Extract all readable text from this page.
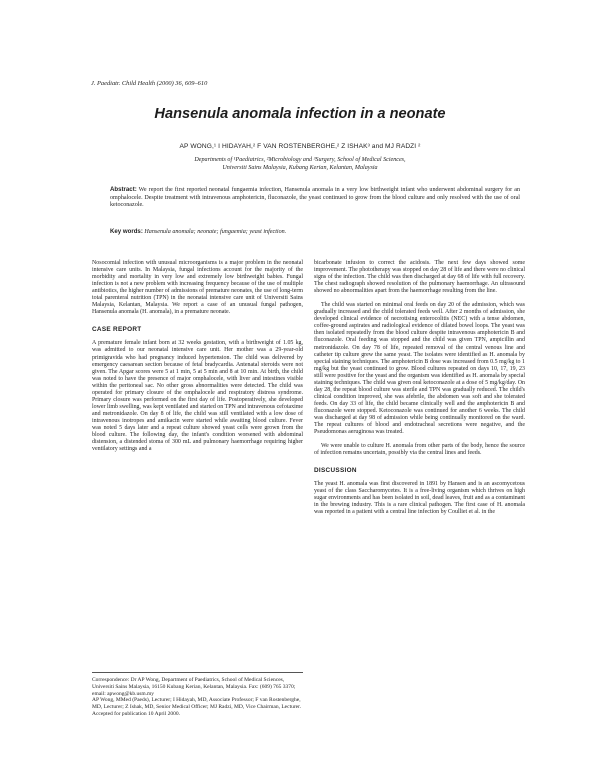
J. Paediatr. Child Health (2000) 36, 609–610
Hansenula anomala infection in a neonate
AP WONG,¹ I HIDAYAH,² F VAN ROSTENBERGHE,² Z ISHAK³ and MJ RADZI ²
Departments of ¹Paediatrics, ²Microbiology and ³Surgery, School of Medical Sciences,
Universiti Sains Malaysia, Kubang Kerian, Kelantan, Malaysia
Abstract: We report the first reported neonatal fungaemia infection, Hansenula anomala in a very low birthweight infant who underwent abdominal surgery for an omphalocele. Despite treatment with intravenous amphotericin, fluconazole, the yeast continued to grow from the blood culture and only resolved with the use of oral ketoconazole.
Key words: Hansenula anomala; neonate; fungaemia; yeast infection.

Nosocomial infection with unusual microorganisms is a major problem in the neonatal intensive care units. In Malaysia, fungal infections account for the majority of the morbidity and mortality in very low and extremely low birthweight babies. Fungal infection is not a new problem with increasing frequency because of the use of multiple antibiotics, the higher number of admissions of premature neonates, the use of long-term total parenteral nutrition (TPN) in the neonatal intensive care unit of Universiti Sains Malaysia, Kelantan, Malaysia. We report a case of an unusual fungal pathogen, Hansenula anomala (H. anomala), in a premature neonate.

CASE REPORT

A premature female infant born at 32 weeks gestation, with a birthweight of 1.05 kg, was admitted to our neonatal intensive care unit. Her mother was a 29-year-old primigravida who had pregnancy induced hypertension. The child was delivered by emergency caesarean section because of fetal bradycardia. Antenatal steroids were not given. The Apgar scores were 5 at 1 min, 5 at 5 min and 8 at 10 min. At birth, the child was noted to have the presence of major omphalocele, with liver and intestines visible within the peritoneal sac. No other gross abnormalities were detected. The child was operated for primary closure of the omphalocele and respiratory distress syndrome. Primary closure was performed on the first day of life. Postoperatively, she developed lower limb swelling, was kept ventilated and started on TPN and intravenous cefotaxime and metronidazole. On day 8 of life, the child was still ventilated with a low dose of intravenous inotropes and amikacin were started while awaiting blood culture. Fever was noted 5 days later and a repeat culture showed yeast cells were grown from the blood culture. The following day, the infant's condition worsened with abdominal distension, a distended stoma of 300 mL and pulmonary haemorrhage requiring higher ventilatory settings and a

bicarbonate infusion to correct the acidosis. The next few days showed some improvement. The phototherapy was stopped on day 28 of life and there were no clinical signs of the infection. The child was then discharged at day 68 of life with full recovery. The chest radiograph showed resolution of the pulmonary haemorrhage. An ultrasound showed no abnormalities apart from the haemorrhage resulting from the line.

The child was started on minimal oral feeds on day 20 of the admission, which was gradually increased and the child tolerated feeds well. After 2 months of admission, she developed clinical evidence of necrotising enterocolitis (NEC) with a tense abdomen, coffee-ground aspirates and radiological evidence of dilated bowel loops. The yeast was then isolated repeatedly from the blood culture despite intravenous amphotericin B and fluconazole. Oral feeding was stopped and the child was given TPN, ampicillin and metronidazole. On day 78 of life, repeated removal of the central venous line and catheter tip culture grew the same yeast. The isolates were identified as H. anomala by special staining techniques. The amphotericin B dose was increased from 0.5 mg/kg to 1 mg/kg but the yeast continued to grow. Blood cultures repeated on days 10, 17, 19, 23 still were positive for the yeast and the organism was identified as H. anomala by special staining techniques. The child was given oral ketoconazole at a dose of 5 mg/kg/day. On day 28, the repeat blood culture was sterile and TPN was gradually reduced. The child's clinical condition improved, she was afebrile, the abdomen was soft and she tolerated feeds. On day 33 of life, the child became clinically well and the amphotericin B and fluconazole were stopped. Ketoconazole was continued for another 6 weeks. The child was discharged at day 98 of admission while being continually monitored on the ward. The repeat cultures of blood and endotracheal secretions were negative, and the Pseudomonas aeruginosa was treated.

We were unable to culture H. anomala from other parts of the body, hence the source of infection remains uncertain, possibly via the central lines and feeds.

DISCUSSION

The yeast H. anomala was first discovered in 1891 by Hansen and is an ascomycetous yeast of the class Saccharomycetes. It is a free-living organism which thrives on high sugar environments and has been isolated in soil, dead leaves, fruit and as a contaminant in the brewing industry. This is a rare clinical pathogen. The first case of H. anomala was reported in a patient with a central line infection by Coulliet et al. in the

Correspondence: Dr AP Wong, Department of Paediatrics, School of Medical Sciences, Universiti Sains Malaysia, 16150 Kubang Kerian, Kelantan, Malaysia. Fax: (609) 765 3370; email: apwong@kb.usm.my

AP Wong, MMed (Paeds), Lecturer; I Hidayah, MD, Associate Professor; F van Rostenberghe, MD, Lecturer; Z Ishak, MD, Senior Medical Officer; MJ Radzi, MD, Vice Chairman, Lecturer.

Accepted for publication 10 April 2000.
